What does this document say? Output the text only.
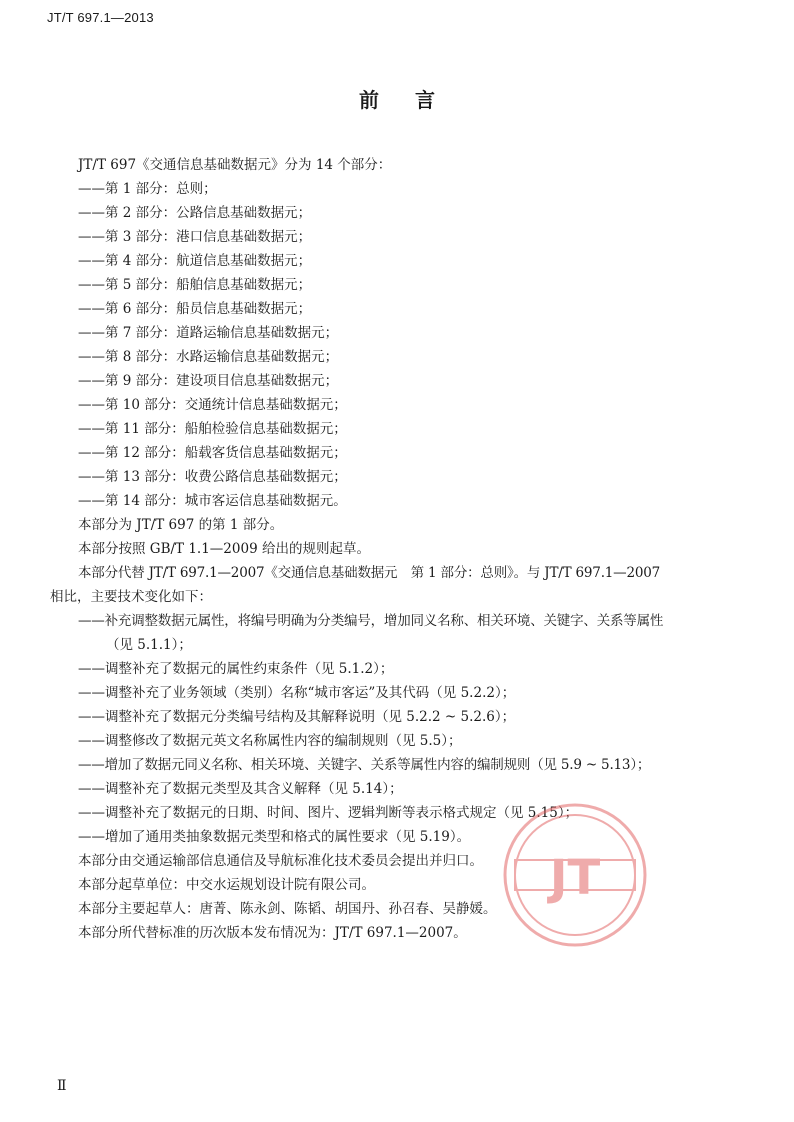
JT/T 697.1—2013
前 言
JT/T 697《交通信息基础数据元》分为 14 个部分：
——第 1 部分：总则；
——第 2 部分：公路信息基础数据元；
——第 3 部分：港口信息基础数据元；
——第 4 部分：航道信息基础数据元；
——第 5 部分：船舶信息基础数据元；
——第 6 部分：船员信息基础数据元；
——第 7 部分：道路运输信息基础数据元；
——第 8 部分：水路运输信息基础数据元；
——第 9 部分：建设项目信息基础数据元；
——第 10 部分：交通统计信息基础数据元；
——第 11 部分：船舶检验信息基础数据元；
——第 12 部分：船载客货信息基础数据元；
——第 13 部分：收费公路信息基础数据元；
——第 14 部分：城市客运信息基础数据元。
本部分为 JT/T 697 的第 1 部分。
本部分按照 GB/T 1.1—2009 给出的规则起草。
本部分代替 JT/T 697.1—2007《交通信息基础数据元　第 1 部分：总则》。与 JT/T 697.1—2007
相比，主要技术变化如下：
——补充调整数据元属性，将编号明确为分类编号，增加同义名称、相关环境、关键字、关系等属性
（见 5.1.1）；
——调整补充了数据元的属性约束条件（见 5.1.2）；
——调整补充了业务领域（类别）名称“城市客运”及其代码（见 5.2.2）；
——调整补充了数据元分类编号结构及其解释说明（见 5.2.2 ~ 5.2.6）；
——调整修改了数据元英文名称属性内容的编制规则（见 5.5）；
——增加了数据元同义名称、相关环境、关键字、关系等属性内容的编制规则（见 5.9 ~ 5.13）；
——调整补充了数据元类型及其含义解释（见 5.14）；
——调整补充了数据元的日期、时间、图片、逻辑判断等表示格式规定（见 5.15）；
——增加了通用类抽象数据元类型和格式的属性要求（见 5.19）。
本部分由交通运输部信息通信及导航标准化技术委员会提出并归口。
本部分起草单位：中交水运规划设计院有限公司。
本部分主要起草人：唐菁、陈永剑、陈韬、胡国丹、孙召春、吴静媛。
本部分所代替标准的历次版本发布情况为：JT/T 697.1—2007。
JT
Ⅱ
